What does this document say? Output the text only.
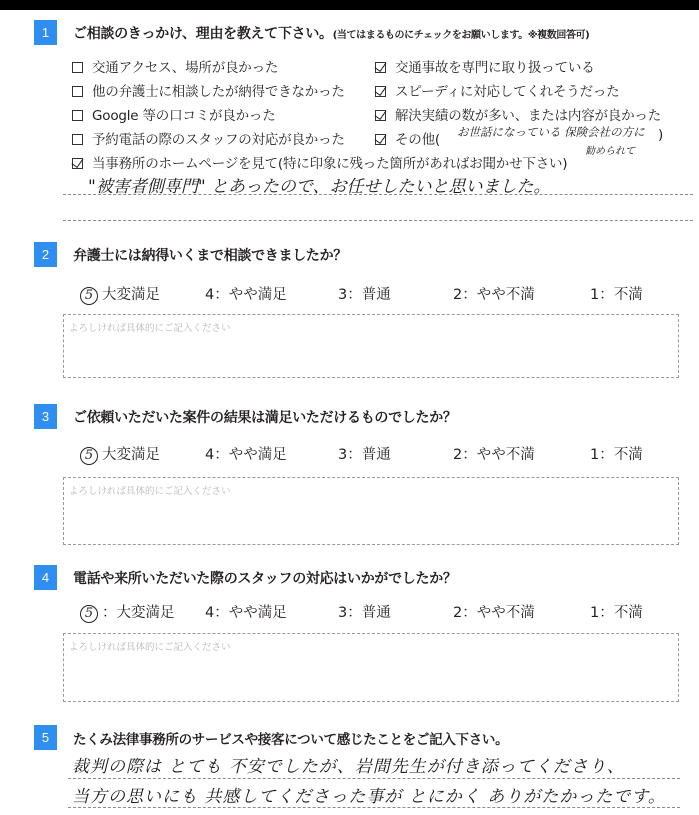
1	ご相談のきっかけ、理由を教えて下さい。(当てはまるものにチェックをお願いします。※複数回答可)
交通アクセス、場所が良かった
他の弁護士に相談したが納得できなかった
Google 等の口コミが良かった
予約電話の際のスタッフの対応が良かった
当事務所のホームページを見て(特に印象に残った箇所があればお聞かせ下さい)
交通事故を専門に取り扱っている
スピーディに対応してくれそうだった
解決実績の数が多い、または内容が良かった
その他( お世話になっている 保険会社の方に )
勧められて
"被害者側専門" とあったので、お任せしたいと思いました。
2	弁護士には納得いくまで相談できましたか？
5 大変満足	4：やや満足	3：普通	2：やや不満	1：不満
よろしければ具体的にご記入ください
3	ご依頼いただいた案件の結果は満足いただけるものでしたか？
5 大変満足	4：やや満足	3：普通	2：やや不満	1：不満
よろしければ具体的にご記入ください
4	電話や来所いただいた際のスタッフの対応はいかがでしたか？
5 ：大変満足 4：やや満足	3：普通	2：やや不満	1：不満
よろしければ具体的にご記入ください
5	たくみ法律事務所のサービスや接客について感じたことをご記入下さい。
裁判の際は とても 不安でしたが、岩間先生が付き添ってくださり、
当方の思いにも 共感してくださった事が とにかく ありがたかったです。
